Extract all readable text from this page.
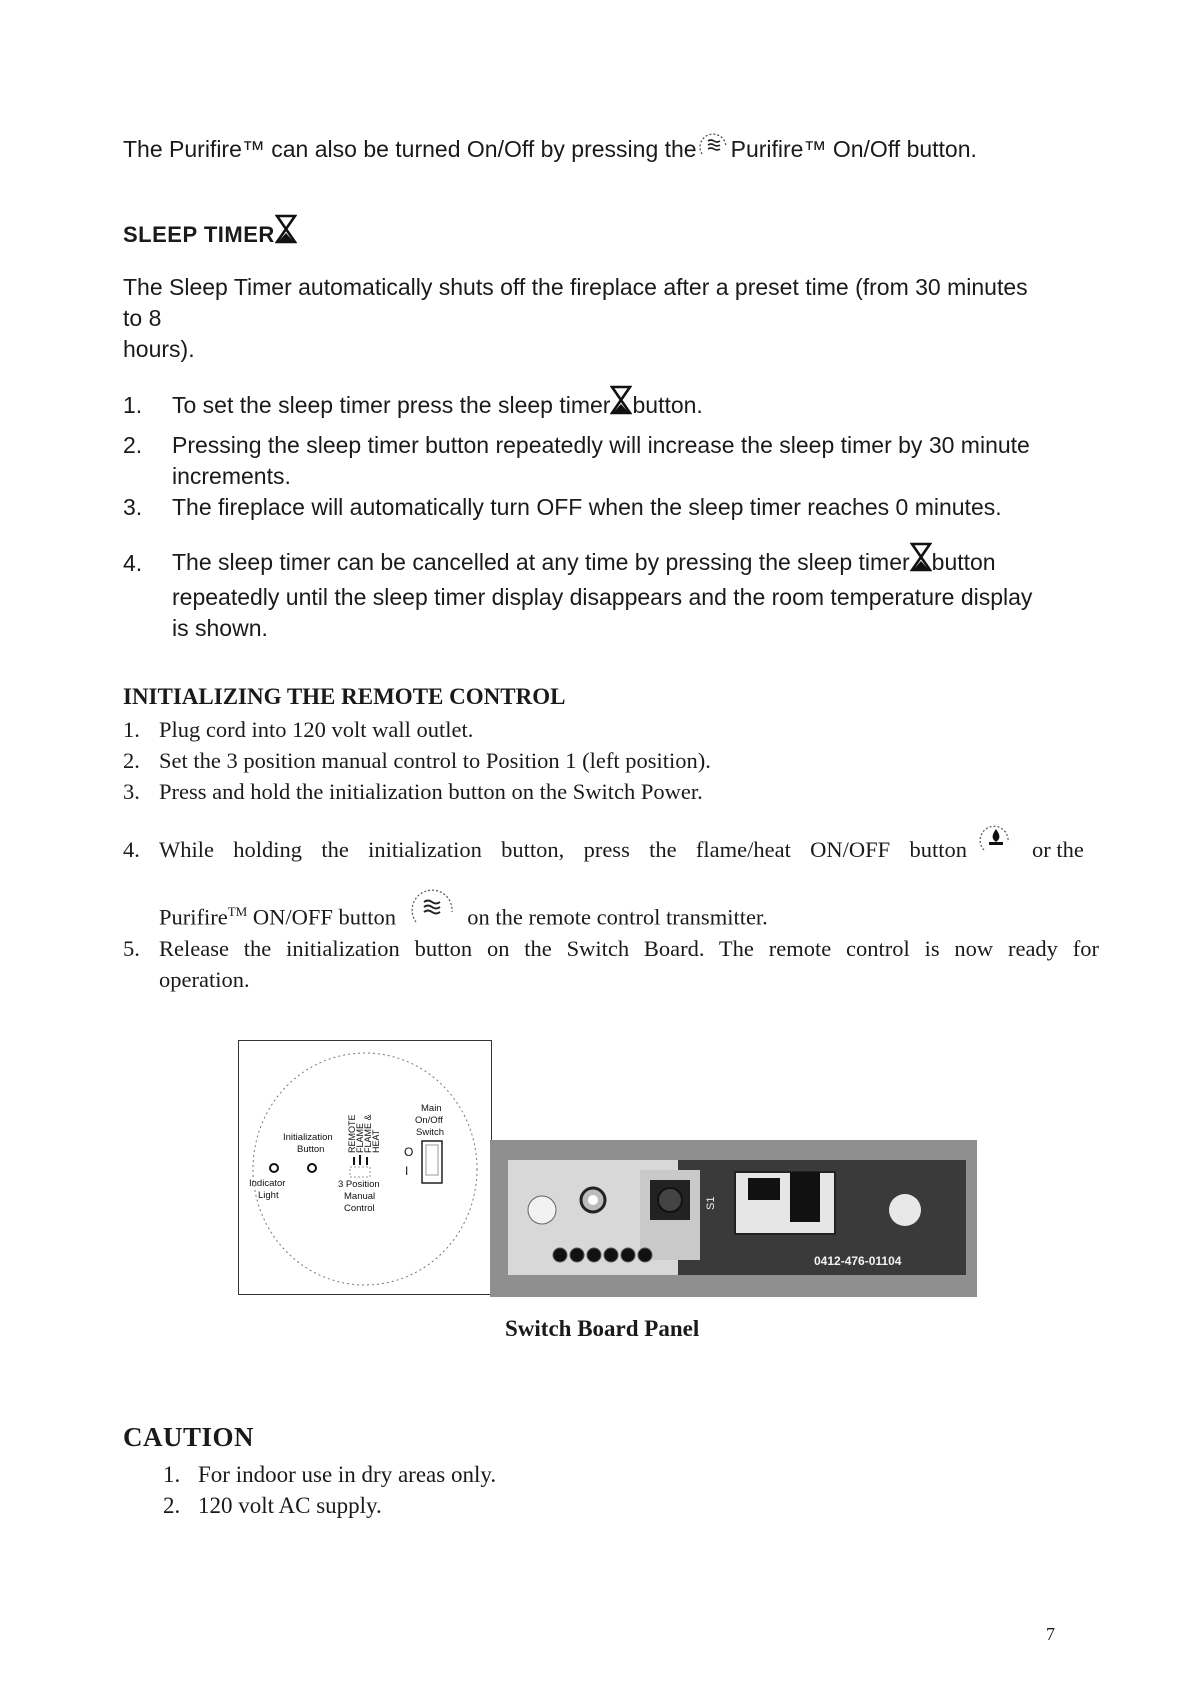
The Purifire™ can also be turned On/Off by pressing the Purifire™ On/Off button.
SLEEP TIMER
The Sleep Timer automatically shuts off the fireplace after a preset time (from 30 minutes
to 8
hours).
1. To set the sleep timer press the sleep timer button.
2. Pressing the sleep timer button repeatedly will increase the sleep timer by 30 minute
increments.
3. The fireplace will automatically turn OFF when the sleep timer reaches 0 minutes.
4. The sleep timer can be cancelled at any time by pressing the sleep timer button
repeatedly until the sleep timer display disappears and the room temperature display
is shown.
INITIALIZING THE REMOTE CONTROL
1. Plug cord into 120 volt wall outlet.
2. Set the 3 position manual control to Position 1 (left position).
3. Press and hold the initialization button on the Switch Power.
4. While holding the initialization button, press the flame/heat ON/OFF button	or the
Purifire™ ON/OFF button	on the remote control transmitter.
5. Release the initialization button on the Switch Board. The remote control is now ready for
operation.
O
I
Initialization
Button
Indicator
Light
3 Position
Manual
Control
Main
On/Off
Switch
REMOTE
FLAME
FLAME &
HEAT
S1
0412-476-01104
Switch Board Panel
CAUTION
1. For indoor use in dry areas only.
2. 120 volt AC supply.
7
